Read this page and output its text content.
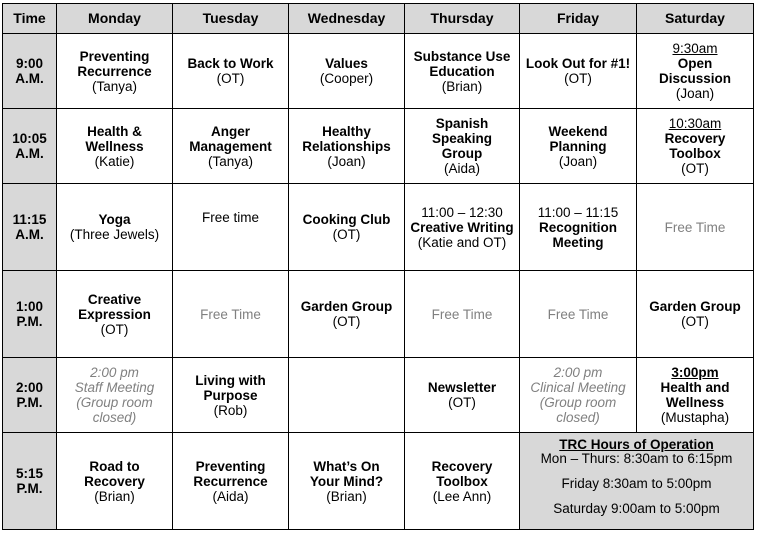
Time	Monday	Tuesday	Wednesday	Thursday	Friday	Saturday

9:00
A.M.	Preventing
Recurrence
(Tanya)	Back to Work
(OT)	Values
(Cooper)	Substance Use
Education
(Brian)	Look Out for #1!
(OT)	9:30am
Open
Discussion
(Joan)

10:05
A.M.	Health &
Wellness
(Katie)	Anger
Management
(Tanya)	Healthy
Relationships
(Joan)	Spanish
Speaking
Group
(Aida)	Weekend
Planning
(Joan)	10:30am
Recovery
Toolbox
(OT)

11:15
A.M.	Yoga
(Three Jewels)	Free time	Cooking Club
(OT)	11:00 – 12:30
Creative Writing
(Katie and OT)	11:00 – 11:15
Recognition
Meeting	Free Time

1:00
P.M.	Creative
Expression
(OT)	Free Time	Garden Group
(OT)	Free Time	Free Time	Garden Group
(OT)

2:00
P.M.	2:00 pm
Staff Meeting
(Group room
closed)	Living with
Purpose
(Rob)		Newsletter
(OT)	2:00 pm
Clinical Meeting
(Group room
closed)	3:00pm
Health and
Wellness
(Mustapha)

5:15
P.M.	Road to
Recovery
(Brian)	Preventing
Recurrence
(Aida)	What’s On
Your Mind?
(Brian)	Recovery
Toolbox
(Lee Ann)	TRC Hours of Operation
Mon – Thurs: 8:30am to 6:15pm
Friday 8:30am to 5:00pm
Saturday 9:00am to 5:00pm	
